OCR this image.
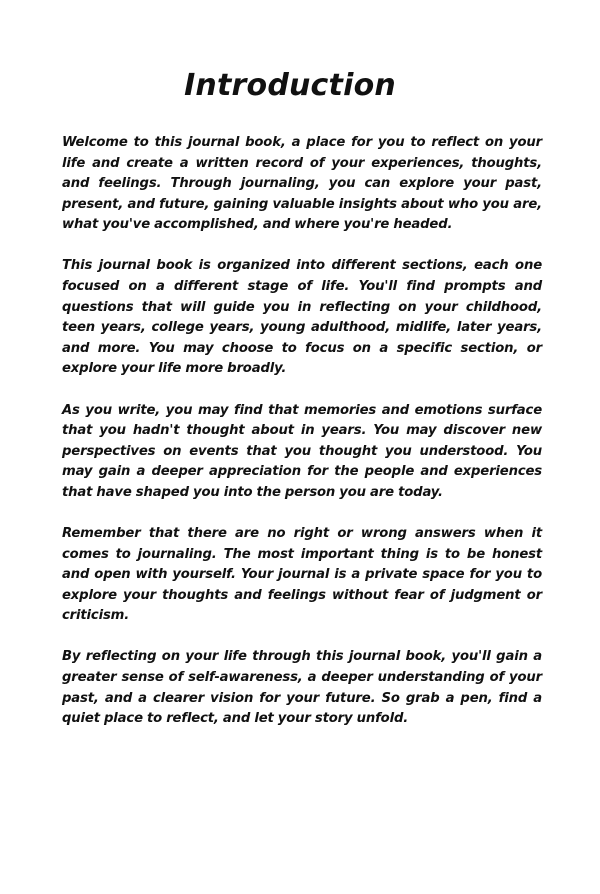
Introduction

Welcome to this journal book, a place for you to reflect on your life and create a written record of your experiences, thoughts, and feelings. Through journaling, you can explore your past, present, and future, gaining valuable insights about who you are, what you've accomplished, and where you're headed.

This journal book is organized into different sections, each one focused on a different stage of life. You'll find prompts and questions that will guide you in reflecting on your childhood, teen years, college years, young adulthood, midlife, later years, and more. You may choose to focus on a specific section, or explore your life more broadly.

As you write, you may find that memories and emotions surface that you hadn't thought about in years. You may discover new perspectives on events that you thought you understood. You may gain a deeper appreciation for the people and experiences that have shaped you into the person you are today.

Remember that there are no right or wrong answers when it comes to journaling. The most important thing is to be honest and open with yourself. Your journal is a private space for you to explore your thoughts and feelings without fear of judgment or criticism.

By reflecting on your life through this journal book, you'll gain a greater sense of self-awareness, a deeper understanding of your past, and a clearer vision for your future. So grab a pen, find a quiet place to reflect, and let your story unfold.
